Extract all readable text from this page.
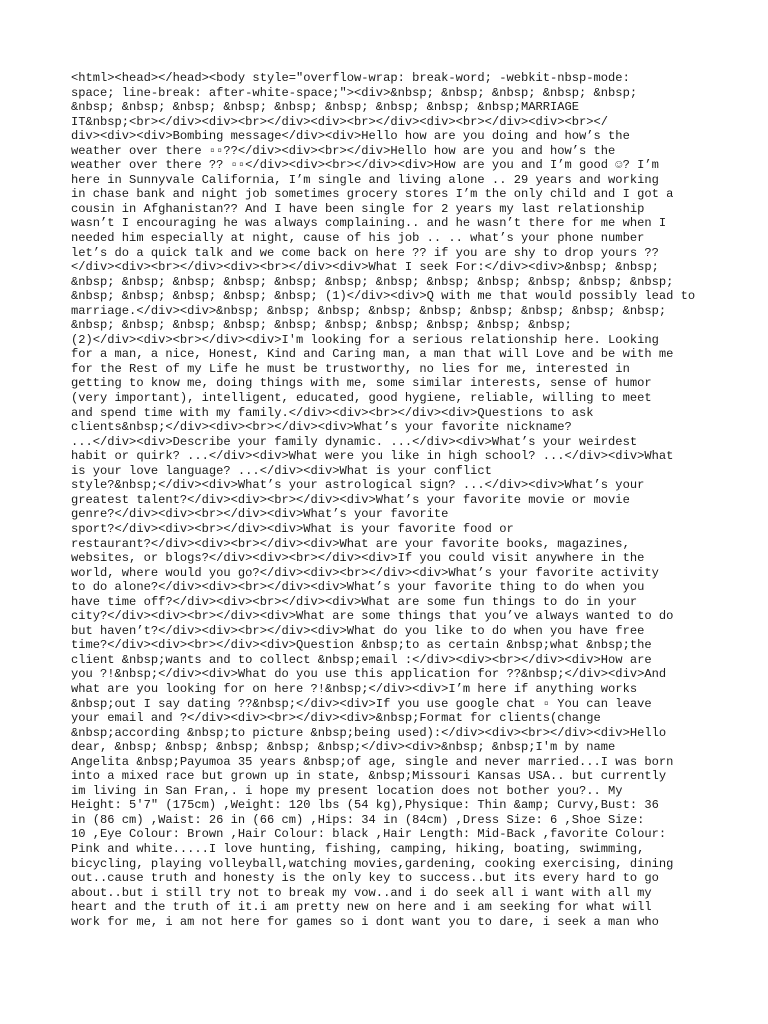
<html><head></head><body style="overflow-wrap: break-word; -webkit-nbsp-mode:
space; line-break: after-white-space;"><div>&nbsp; &nbsp; &nbsp; &nbsp; &nbsp;
&nbsp; &nbsp; &nbsp; &nbsp; &nbsp; &nbsp; &nbsp; &nbsp; &nbsp;MARRIAGE
IT&nbsp;<br></div><div><br></div><div><br></div><div><br></div><div><br></
div><div><div>Bombing message</div><div>Hello how are you doing and how’s the
weather over there ▫▫??</div><div><br></div>Hello how are you and how’s the
weather over there ?? ▫▫</div><div><br></div><div>How are you and I’m good ☺? I’m
here in Sunnyvale California, I’m single and living alone .. 29 years and working
in chase bank and night job sometimes grocery stores I’m the only child and I got a
cousin in Afghanistan?? And I have been single for 2 years my last relationship
wasn’t I encouraging he was always complaining.. and he wasn’t there for me when I
needed him especially at night, cause of his job .. .. what’s your phone number
let’s do a quick talk and we come back on here ?? if you are shy to drop yours ??
</div><div><br></div><div><br></div><div>What I seek For:</div><div>&nbsp; &nbsp;
&nbsp; &nbsp; &nbsp; &nbsp; &nbsp; &nbsp; &nbsp; &nbsp; &nbsp; &nbsp; &nbsp; &nbsp;
&nbsp; &nbsp; &nbsp; &nbsp; &nbsp; (1)</div><div>Q with me that would possibly lead to
marriage.</div><div>&nbsp; &nbsp; &nbsp; &nbsp; &nbsp; &nbsp; &nbsp; &nbsp; &nbsp;
&nbsp; &nbsp; &nbsp; &nbsp; &nbsp; &nbsp; &nbsp; &nbsp; &nbsp; &nbsp;
(2)</div><div><br></div><div>I'm looking for a serious relationship here. Looking
for a man, a nice, Honest, Kind and Caring man, a man that will Love and be with me
for the Rest of my Life he must be trustworthy, no lies for me, interested in
getting to know me, doing things with me, some similar interests, sense of humor
(very important), intelligent, educated, good hygiene, reliable, willing to meet
and spend time with my family.</div><div><br></div><div>Questions to ask
clients&nbsp;</div><div><br></div><div>What’s your favorite nickname?
...</div><div>Describe your family dynamic. ...</div><div>What’s your weirdest
habit or quirk? ...</div><div>What were you like in high school? ...</div><div>What
is your love language? ...</div><div>What is your conflict
style?&nbsp;</div><div>What’s your astrological sign? ...</div><div>What’s your
greatest talent?</div><div><br></div><div>What’s your favorite movie or movie
genre?</div><div><br></div><div>What’s your favorite
sport?</div><div><br></div><div>What is your favorite food or
restaurant?</div><div><br></div><div>What are your favorite books, magazines,
websites, or blogs?</div><div><br></div><div>If you could visit anywhere in the
world, where would you go?</div><div><br></div><div>What’s your favorite activity
to do alone?</div><div><br></div><div>What’s your favorite thing to do when you
have time off?</div><div><br></div><div>What are some fun things to do in your
city?</div><div><br></div><div>What are some things that you’ve always wanted to do
but haven’t?</div><div><br></div><div>What do you like to do when you have free
time?</div><div><br></div><div>Question &nbsp;to as certain &nbsp;what &nbsp;the
client &nbsp;wants and to collect &nbsp;email :</div><div><br></div><div>How are
you ?!&nbsp;</div><div>What do you use this application for ??&nbsp;</div><div>And
what are you looking for on here ?!&nbsp;</div><div>I’m here if anything works
&nbsp;out I say dating ??&nbsp;</div><div>If you use google chat ▫ You can leave
your email and ?</div><div><br></div><div>&nbsp;Format for clients(change
&nbsp;according &nbsp;to picture &nbsp;being used):</div><div><br></div><div>Hello
dear, &nbsp; &nbsp; &nbsp; &nbsp; &nbsp;</div><div>&nbsp; &nbsp;I'm by name
Angelita &nbsp;Payumoa 35 years &nbsp;of age, single and never married...I was born
into a mixed race but grown up in state, &nbsp;Missouri Kansas USA.. but currently
im living in San Fran,. i hope my present location does not bother you?.. My
Height: 5'7" (175cm) ,Weight: 120 lbs (54 kg),Physique: Thin &amp; Curvy,Bust: 36
in (86 cm) ,Waist: 26 in (66 cm) ,Hips: 34 in (84cm) ,Dress Size: 6 ,Shoe Size:
10 ,Eye Colour: Brown ,Hair Colour: black ,Hair Length: Mid-Back ,favorite Colour:
Pink and white.....I love hunting, fishing, camping, hiking, boating, swimming,
bicycling, playing volleyball,watching movies,gardening, cooking exercising, dining
out..cause truth and honesty is the only key to success..but its every hard to go
about..but i still try not to break my vow..and i do seek all i want with all my
heart and the truth of it.i am pretty new on here and i am seeking for what will
work for me, i am not here for games so i dont want you to dare, i seek a man who
